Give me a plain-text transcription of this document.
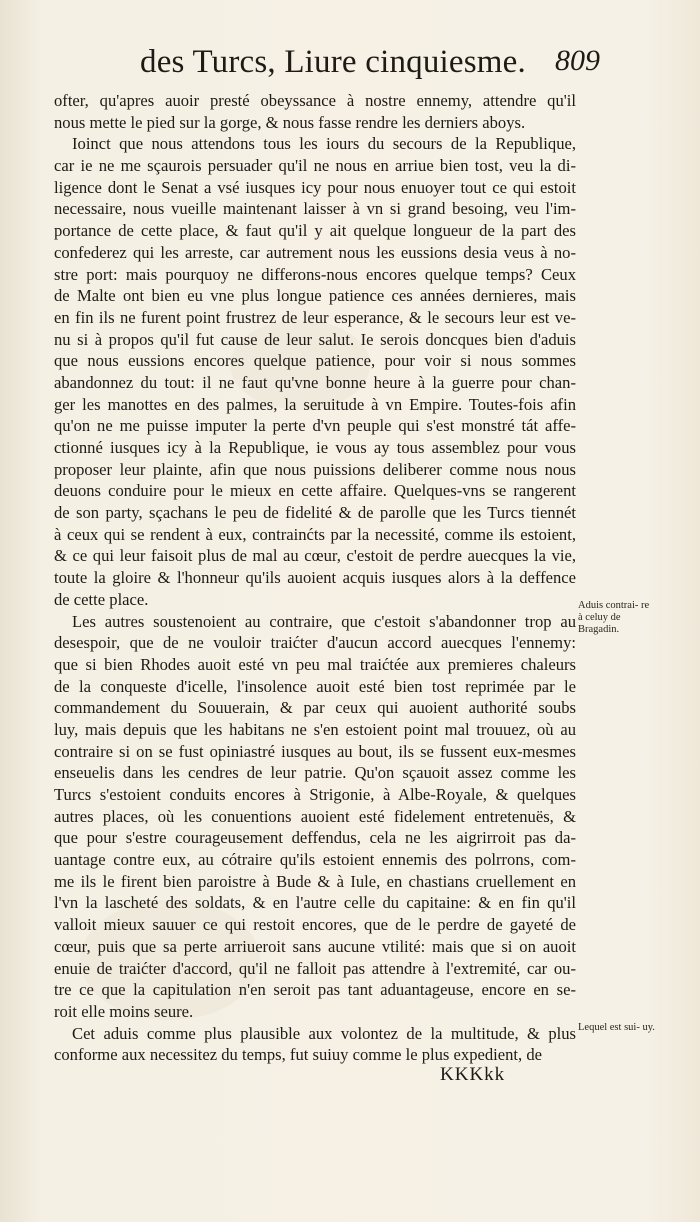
des Turcs, Liure cinquiesme. 809
ofter, qu'apres auoir presté obeyssance à nostre ennemy, attendre qu'il
nous mette le pied sur la gorge, & nous fasse rendre les derniers aboys.
Ioinct que nous attendons tous les iours du secours de la Republique,
car ie ne me sçaurois persuader qu'il ne nous en arriue bien tost, veu la di-
ligence dont le Senat a vsé iusques icy pour nous enuoyer tout ce qui estoit
necessaire, nous vueille maintenant laisser à vn si grand besoing, veu l'im-
portance de cette place, & faut qu'il y ait quelque longueur de la part des
confederez qui les arreste, car autrement nous les eussions desia veus à no-
stre port: mais pourquoy ne differons-nous encores quelque temps? Ceux
de Malte ont bien eu vne plus longue patience ces années dernieres, mais
en fin ils ne furent point frustrez de leur esperance, & le secours leur est ve-
nu si à propos qu'il fut cause de leur salut. Ie serois doncques bien d'aduis
que nous eussions encores quelque patience, pour voir si nous sommes
abandonnez du tout: il ne faut qu'vne bonne heure à la guerre pour chan-
ger les manottes en des palmes, la seruitude à vn Empire. Toutes-fois afin
qu'on ne me puisse imputer la perte d'vn peuple qui s'est monstré tát affe-
ctionné iusques icy à la Republique, ie vous ay tous assemblez pour vous
proposer leur plainte, afin que nous puissions deliberer comme nous nous
deuons conduire pour le mieux en cette affaire. Quelques-vns se rangerent
de son party, sçachans le peu de fidelité & de parolle que les Turcs tiennét
à ceux qui se rendent à eux, contrainćts par la necessité, comme ils estoient,
& ce qui leur faisoit plus de mal au cœur, c'estoit de perdre auecques la vie,
toute la gloire & l'honneur qu'ils auoient acquis iusques alors à la deffence
de cette place.
Les autres soustenoient au contraire, que c'estoit s'abandonner trop au
desespoir, que de ne vouloir traićter d'aucun accord auecques l'ennemy:
que si bien Rhodes auoit esté vn peu mal traićtée aux premieres chaleurs
de la conqueste d'icelle, l'insolence auoit esté bien tost reprimée par le
commandement du Souuerain, & par ceux qui auoient authorité soubs
luy, mais depuis que les habitans ne s'en estoient point mal trouuez, où au
contraire si on se fust opiniastré iusques au bout, ils se fussent eux-mesmes
enseuelis dans les cendres de leur patrie. Qu'on sçauoit assez comme les
Turcs s'estoient conduits encores à Strigonie, à Albe-Royale, & quelques
autres places, où les conuentions auoient esté fidelement entretenuës, &
que pour s'estre courageusement deffendus, cela ne les aigrirroit pas da-
uantage contre eux, au cótraire qu'ils estoient ennemis des polrrons, com-
me ils le firent bien paroistre à Bude & à Iule, en chastians cruellement en
l'vn la lascheté des soldats, & en l'autre celle du capitaine: & en fin qu'il
valloit mieux sauuer ce qui restoit encores, que de le perdre de gayeté de
cœur, puis que sa perte arriueroit sans aucune vtilité: mais que si on auoit
enuie de traićter d'accord, qu'il ne falloit pas attendre à l'extremité, car ou-
tre ce que la capitulation n'en seroit pas tant aduantageuse, encore en se-
roit elle moins seure.
Cet aduis comme plus plausible aux volontez de la multitude, & plus
conforme aux necessitez du temps, fut suiuy comme le plus expedient, de
Aduis contrai- re à celuy de Bragadin.
Lequel est sui- uy.
KKKkk
